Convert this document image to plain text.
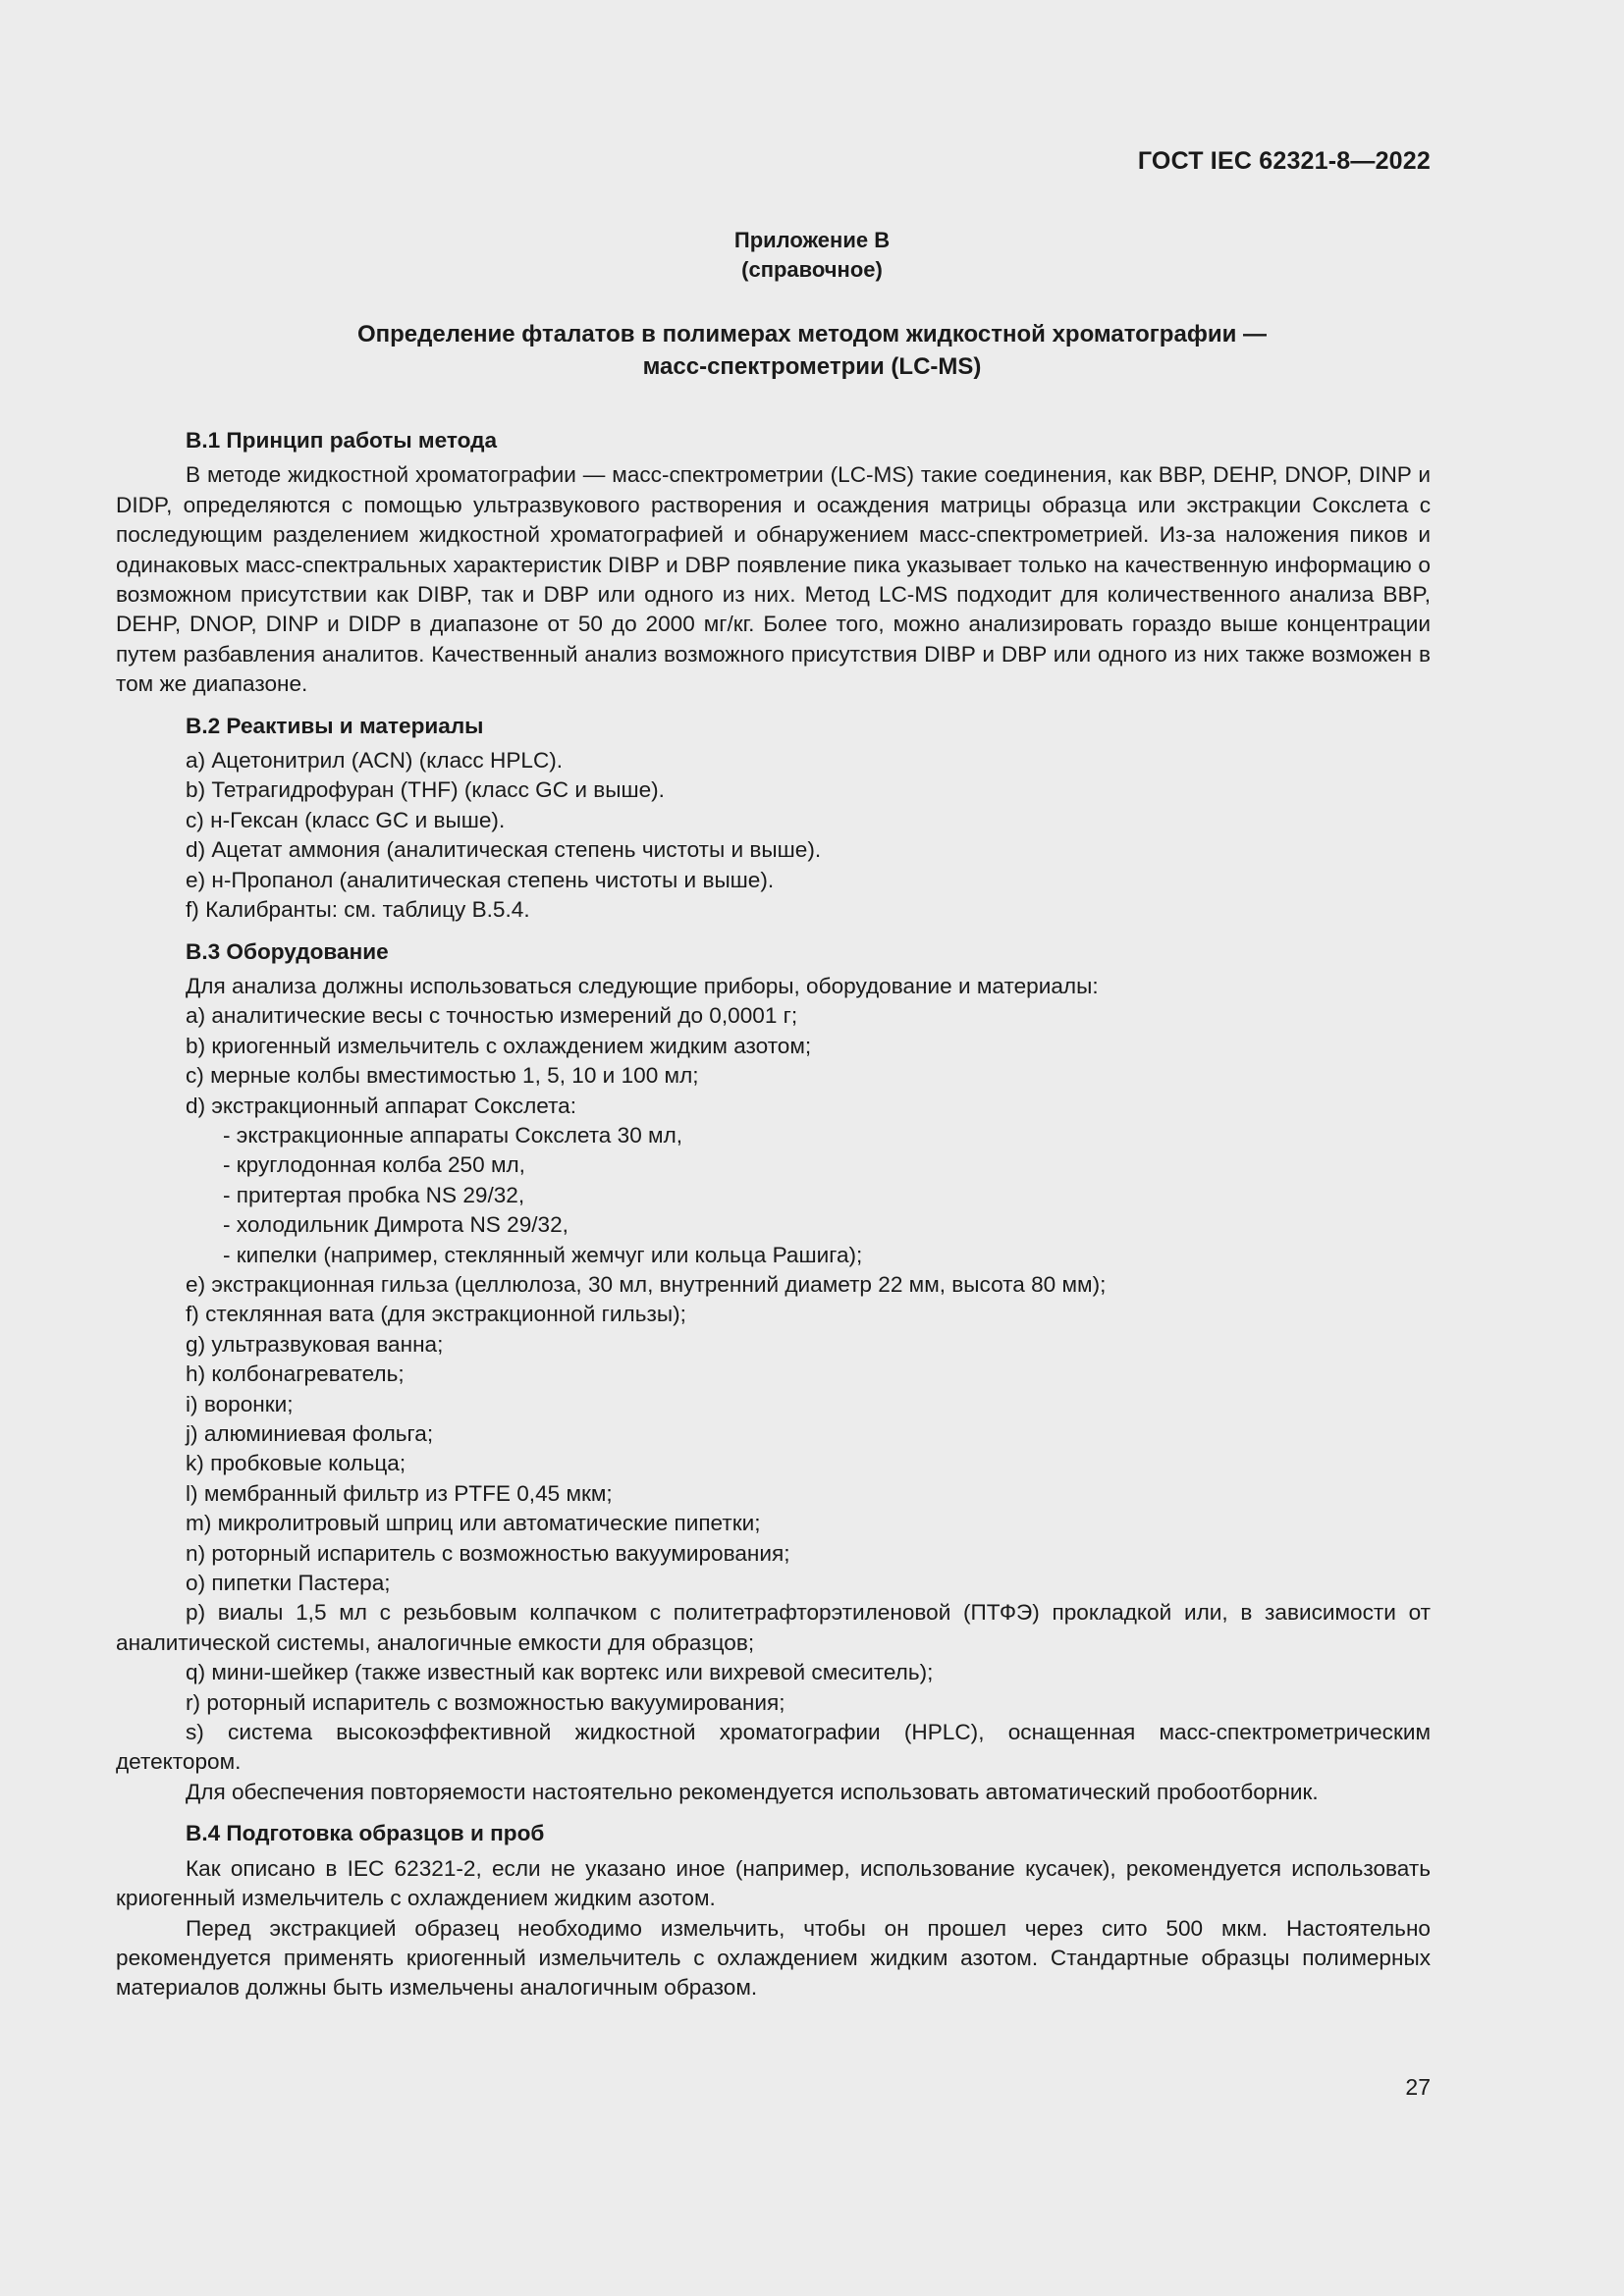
ГОСТ IEC 62321-8—2022
Приложение В
(справочное)
Определение фталатов в полимерах методом жидкостной хроматографии —
масс-спектрометрии (LC-MS)

В.1 Принцип работы метода

В методе жидкостной хроматографии — масс-спектрометрии (LC-MS) такие соединения, как BBP, DEHP, DNOP, DINP и DIDP, определяются с помощью ультразвукового растворения и осаждения матрицы образца или экстракции Сокслета с последующим разделением жидкостной хроматографией и обнаружением масс-спектрометрией. Из-за наложения пиков и одинаковых масс-спектральных характеристик DIBP и DBP появление пика указывает только на качественную информацию о возможном присутствии как DIBP, так и DBP или одного из них. Метод LC-MS подходит для количественного анализа BBP, DEHP, DNOP, DINP и DIDP в диапазоне от 50 до 2000 мг/кг. Более того, можно анализировать гораздо выше концентрации путем разбавления аналитов. Качественный анализ возможного присутствия DIBP и DBP или одного из них также возможен в том же диапазоне.

В.2 Реактивы и материалы

a) Ацетонитрил (ACN) (класс HPLC).

b) Тетрагидрофуран (THF) (класс GC и выше).

c) н-Гексан (класс GC и выше).

d) Ацетат аммония (аналитическая степень чистоты и выше).

e) н-Пропанол (аналитическая степень чистоты и выше).

f) Калибранты: см. таблицу В.5.4.

В.3 Оборудование

Для анализа должны использоваться следующие приборы, оборудование и материалы:

a) аналитические весы с точностью измерений до 0,0001 г;

b) криогенный измельчитель с охлаждением жидким азотом;

c) мерные колбы вместимостью 1, 5, 10 и 100 мл;

d) экстракционный аппарат Сокслета:

- экстракционные аппараты Сокслета 30 мл,

- круглодонная колба 250 мл,

- притертая пробка NS 29/32,

- холодильник Димрота NS 29/32,

- кипелки (например, стеклянный жемчуг или кольца Рашига);

e) экстракционная гильза (целлюлоза, 30 мл, внутренний диаметр 22 мм, высота 80 мм);

f) стеклянная вата (для экстракционной гильзы);

g) ультразвуковая ванна;

h) колбонагреватель;

i) воронки;

j) алюминиевая фольга;

k) пробковые кольца;

l) мембранный фильтр из PTFE 0,45 мкм;

m) микролитровый шприц или автоматические пипетки;

n) роторный испаритель с возможностью вакуумирования;

o) пипетки Пастера;

p) виалы 1,5 мл с резьбовым колпачком с политетрафторэтиленовой (ПТФЭ) прокладкой или, в зависимости от аналитической системы, аналогичные емкости для образцов;

q) мини-шейкер (также известный как вортекс или вихревой смеситель);

r) роторный испаритель с возможностью вакуумирования;

s) система высокоэффективной жидкостной хроматографии (HPLC), оснащенная масс-спектрометрическим детектором.

Для обеспечения повторяемости настоятельно рекомендуется использовать автоматический пробоотборник.

В.4 Подготовка образцов и проб

Как описано в IEC 62321-2, если не указано иное (например, использование кусачек), рекомендуется использовать криогенный измельчитель с охлаждением жидким азотом.

Перед экстракцией образец необходимо измельчить, чтобы он прошел через сито 500 мкм. Настоятельно рекомендуется применять криогенный измельчитель с охлаждением жидким азотом. Стандартные образцы полимерных материалов должны быть измельчены аналогичным образом.

27
